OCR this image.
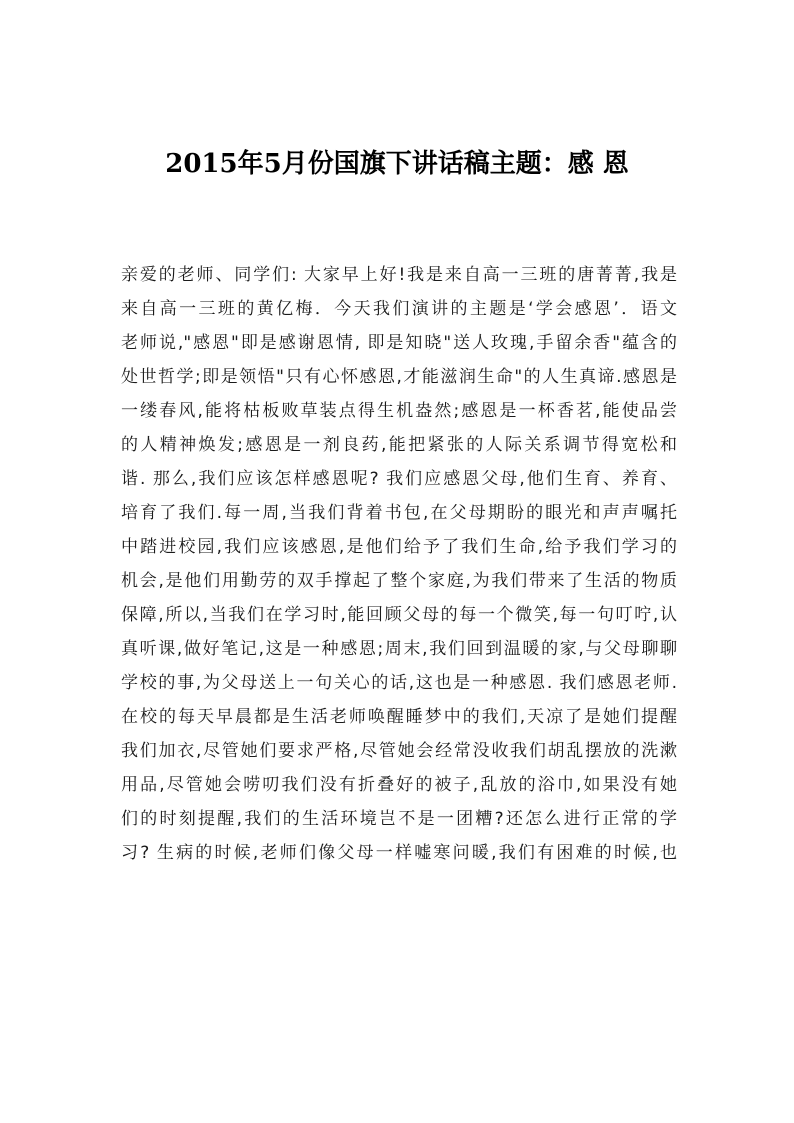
2015年5月份国旗下讲话稿主题：感 恩
亲爱的老师、同学们: 大家早上好!我是来自高一三班的唐菁菁,我是
来自高一三班的黄亿梅．今天我们演讲的主题是‘学会感恩’．语文
老师说,"感恩"即是感谢恩情, 即是知晓"送人玫瑰,手留余香"蕴含的
处世哲学;即是领悟"只有心怀感恩,才能滋润生命"的人生真谛.感恩是
一缕春风,能将枯板败草装点得生机盎然;感恩是一杯香茗,能使品尝
的人精神焕发;感恩是一剂良药,能把紧张的人际关系调节得宽松和
谐. 那么,我们应该怎样感恩呢? 我们应感恩父母,他们生育、养育、
培育了我们.每一周,当我们背着书包,在父母期盼的眼光和声声嘱托
中踏进校园,我们应该感恩,是他们给予了我们生命,给予我们学习的
机会,是他们用勤劳的双手撑起了整个家庭,为我们带来了生活的物质
保障,所以,当我们在学习时,能回顾父母的每一个微笑,每一句叮咛,认
真听课,做好笔记,这是一种感恩;周末,我们回到温暖的家,与父母聊聊
学校的事,为父母送上一句关心的话,这也是一种感恩. 我们感恩老师.
在校的每天早晨都是生活老师唤醒睡梦中的我们,天凉了是她们提醒
我们加衣,尽管她们要求严格,尽管她会经常没收我们胡乱摆放的洗漱
用品,尽管她会唠叨我们没有折叠好的被子,乱放的浴巾,如果没有她
们的时刻提醒,我们的生活环境岂不是一团糟?还怎么进行正常的学
习? 生病的时候,老师们像父母一样嘘寒问暖,我们有困难的时候,也
